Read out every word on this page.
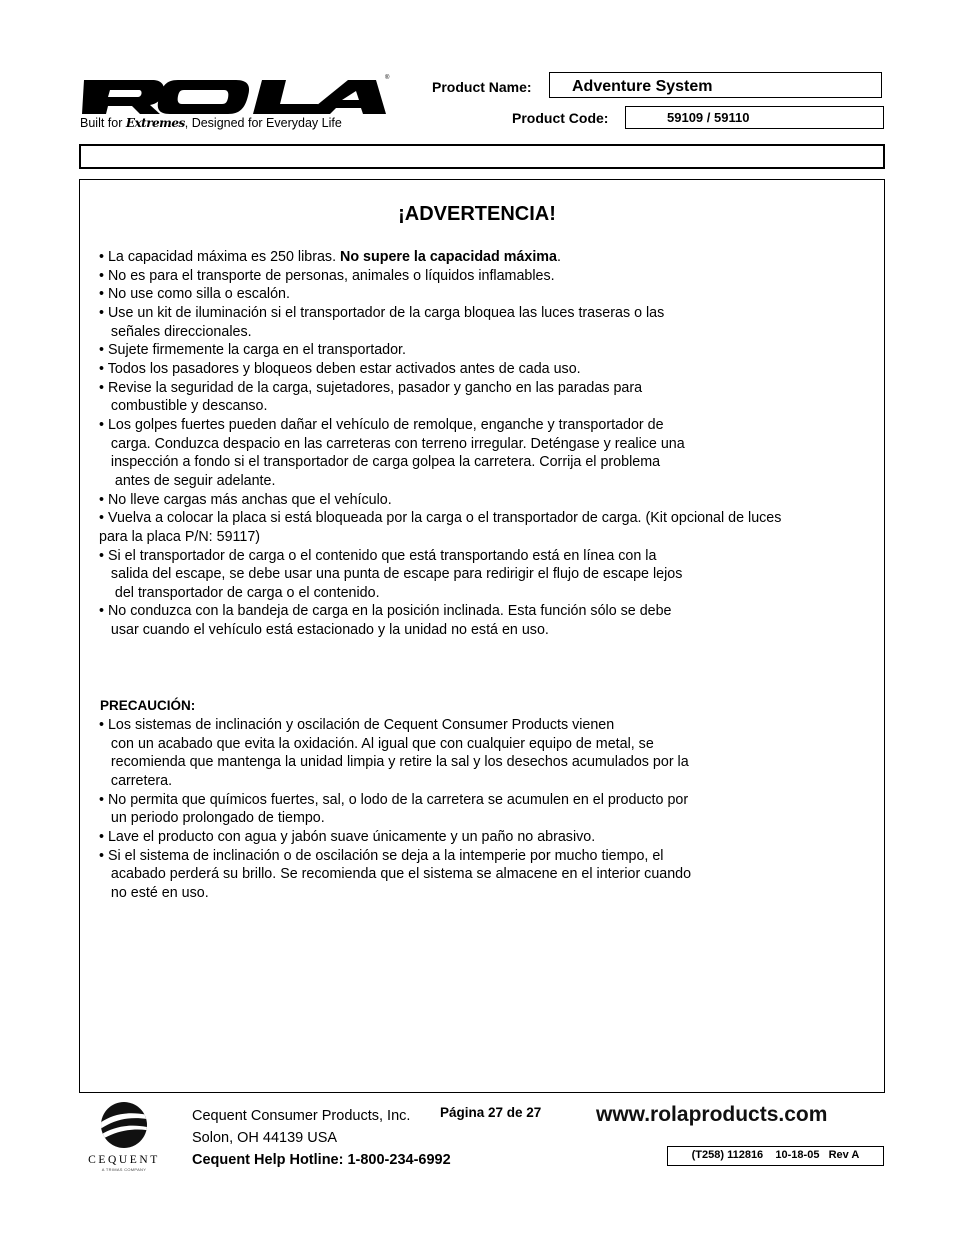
®
Built for Extremes, Designed for Everyday Life
Product Name:	Adventure System
Product Code:	59109 / 59110
¡ADVERTENCIA!
• La capacidad máxima es 250 libras. No supere la capacidad máxima.
• No es para el transporte de personas, animales o líquidos inflamables.
• No use como silla o escalón.
• Use un kit de iluminación si el transportador de la carga bloquea las luces traseras o las
señales direccionales.
• Sujete firmemente la carga en el transportador.
• Todos los pasadores y bloqueos deben estar activados antes de cada uso.
• Revise la seguridad de la carga, sujetadores, pasador y gancho en las paradas para
combustible y descanso.
• Los golpes fuertes pueden dañar el vehículo de remolque, enganche y transportador de
carga. Conduzca despacio en las carreteras con terreno irregular. Deténgase y realice una
inspección a fondo si el transportador de carga golpea la carretera. Corrija el problema
antes de seguir adelante.
• No lleve cargas más anchas que el vehículo.
• Vuelva a colocar la placa si está bloqueada por la carga o el transportador de carga. (Kit opcional de luces
para la placa P/N: 59117)
• Si el transportador de carga o el contenido que está transportando está en línea con la
salida del escape, se debe usar una punta de escape para redirigir el flujo de escape lejos
del transportador de carga o el contenido.
• No conduzca con la bandeja de carga en la posición inclinada. Esta función sólo se debe
usar cuando el vehículo está estacionado y la unidad no está en uso.
PRECAUCIÓN:
• Los sistemas de inclinación y oscilación de Cequent Consumer Products vienen
con un acabado que evita la oxidación. Al igual que con cualquier equipo de metal, se
recomienda que mantenga la unidad limpia y retire la sal y los desechos acumulados por la
carretera.
• No permita que químicos fuertes, sal, o lodo de la carretera se acumulen en el producto por
un periodo prolongado de tiempo.
• Lave el producto con agua y jabón suave únicamente y un paño no abrasivo.
• Si el sistema de inclinación o de oscilación se deja a la intemperie por mucho tiempo, el
acabado perderá su brillo. Se recomienda que el sistema se almacene en el interior cuando
no esté en uso.
CEQUENT
A TRIMAS COMPANY
Cequent Consumer Products, Inc.
Solon, OH 44139 USA
Cequent Help Hotline: 1-800-234-6992
Página 27 de 27	www.rolaproducts.com
(T258) 112816    10-18-05   Rev A
